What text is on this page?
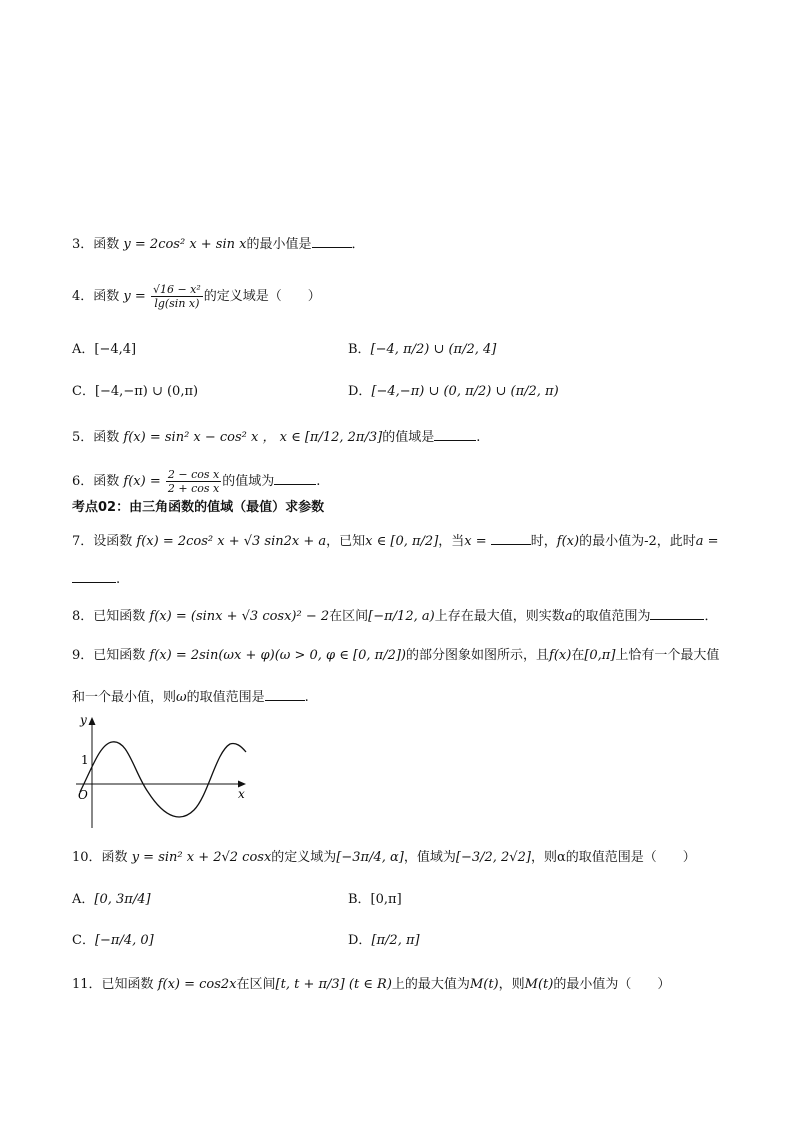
3．函数 y = 2cos² x + sin x的最小值是	．
4．函数 $y = \frac{\text{√16 − x²}}{\text{lg(sin x)}}$ 的定义域是（　　）
A．[−4,4]	B．[−4, π/2) ∪ (π/2, 4]
C．[−4,−π) ∪ (0,π)	D．[−4,−π) ∪ (0, π/2) ∪ (π/2, π)
5．函数 f(x) = sin² x − cos² x ， x ∈ [π/12, 2π/3]的值域是	.
6．函数 $f(x) = \frac{\text{2 − cos x}}{\text{2 + cos x}}$ 的值域为	.
考点02：由三角函数的值域（最值）求参数
7．设函数 f(x) = 2cos² x + √3 sin2x + a，已知x ∈ [0, π/2]，当x =	时，f(x)的最小值为-2，此时a =
.
8．已知函数 f(x) = (sinx + √3 cosx)² − 2在区间[−π/12, a)上存在最大值，则实数a的取值范围为	．
9．已知函数 f(x) = 2sin(ωx + φ)(ω > 0, φ ∈ [0, π/2])的部分图象如图所示，且f(x)在[0,π]上恰有一个最大值
和一个最小值，则ω的取值范围是	.
y
x
1
O
10．函数 y = sin² x + 2√2 cosx的定义域为[−3π/4, α]，值域为[−3/2, 2√2]，则α的取值范围是（　　）
A．[0, 3π/4]	B．[0,π]
C．[−π/4, 0]	D．[π/2, π]
11．已知函数 f(x) = cos2x在区间[t, t + π/3] (t ∈ R)上的最大值为M(t)，则M(t)的最小值为（　　）
